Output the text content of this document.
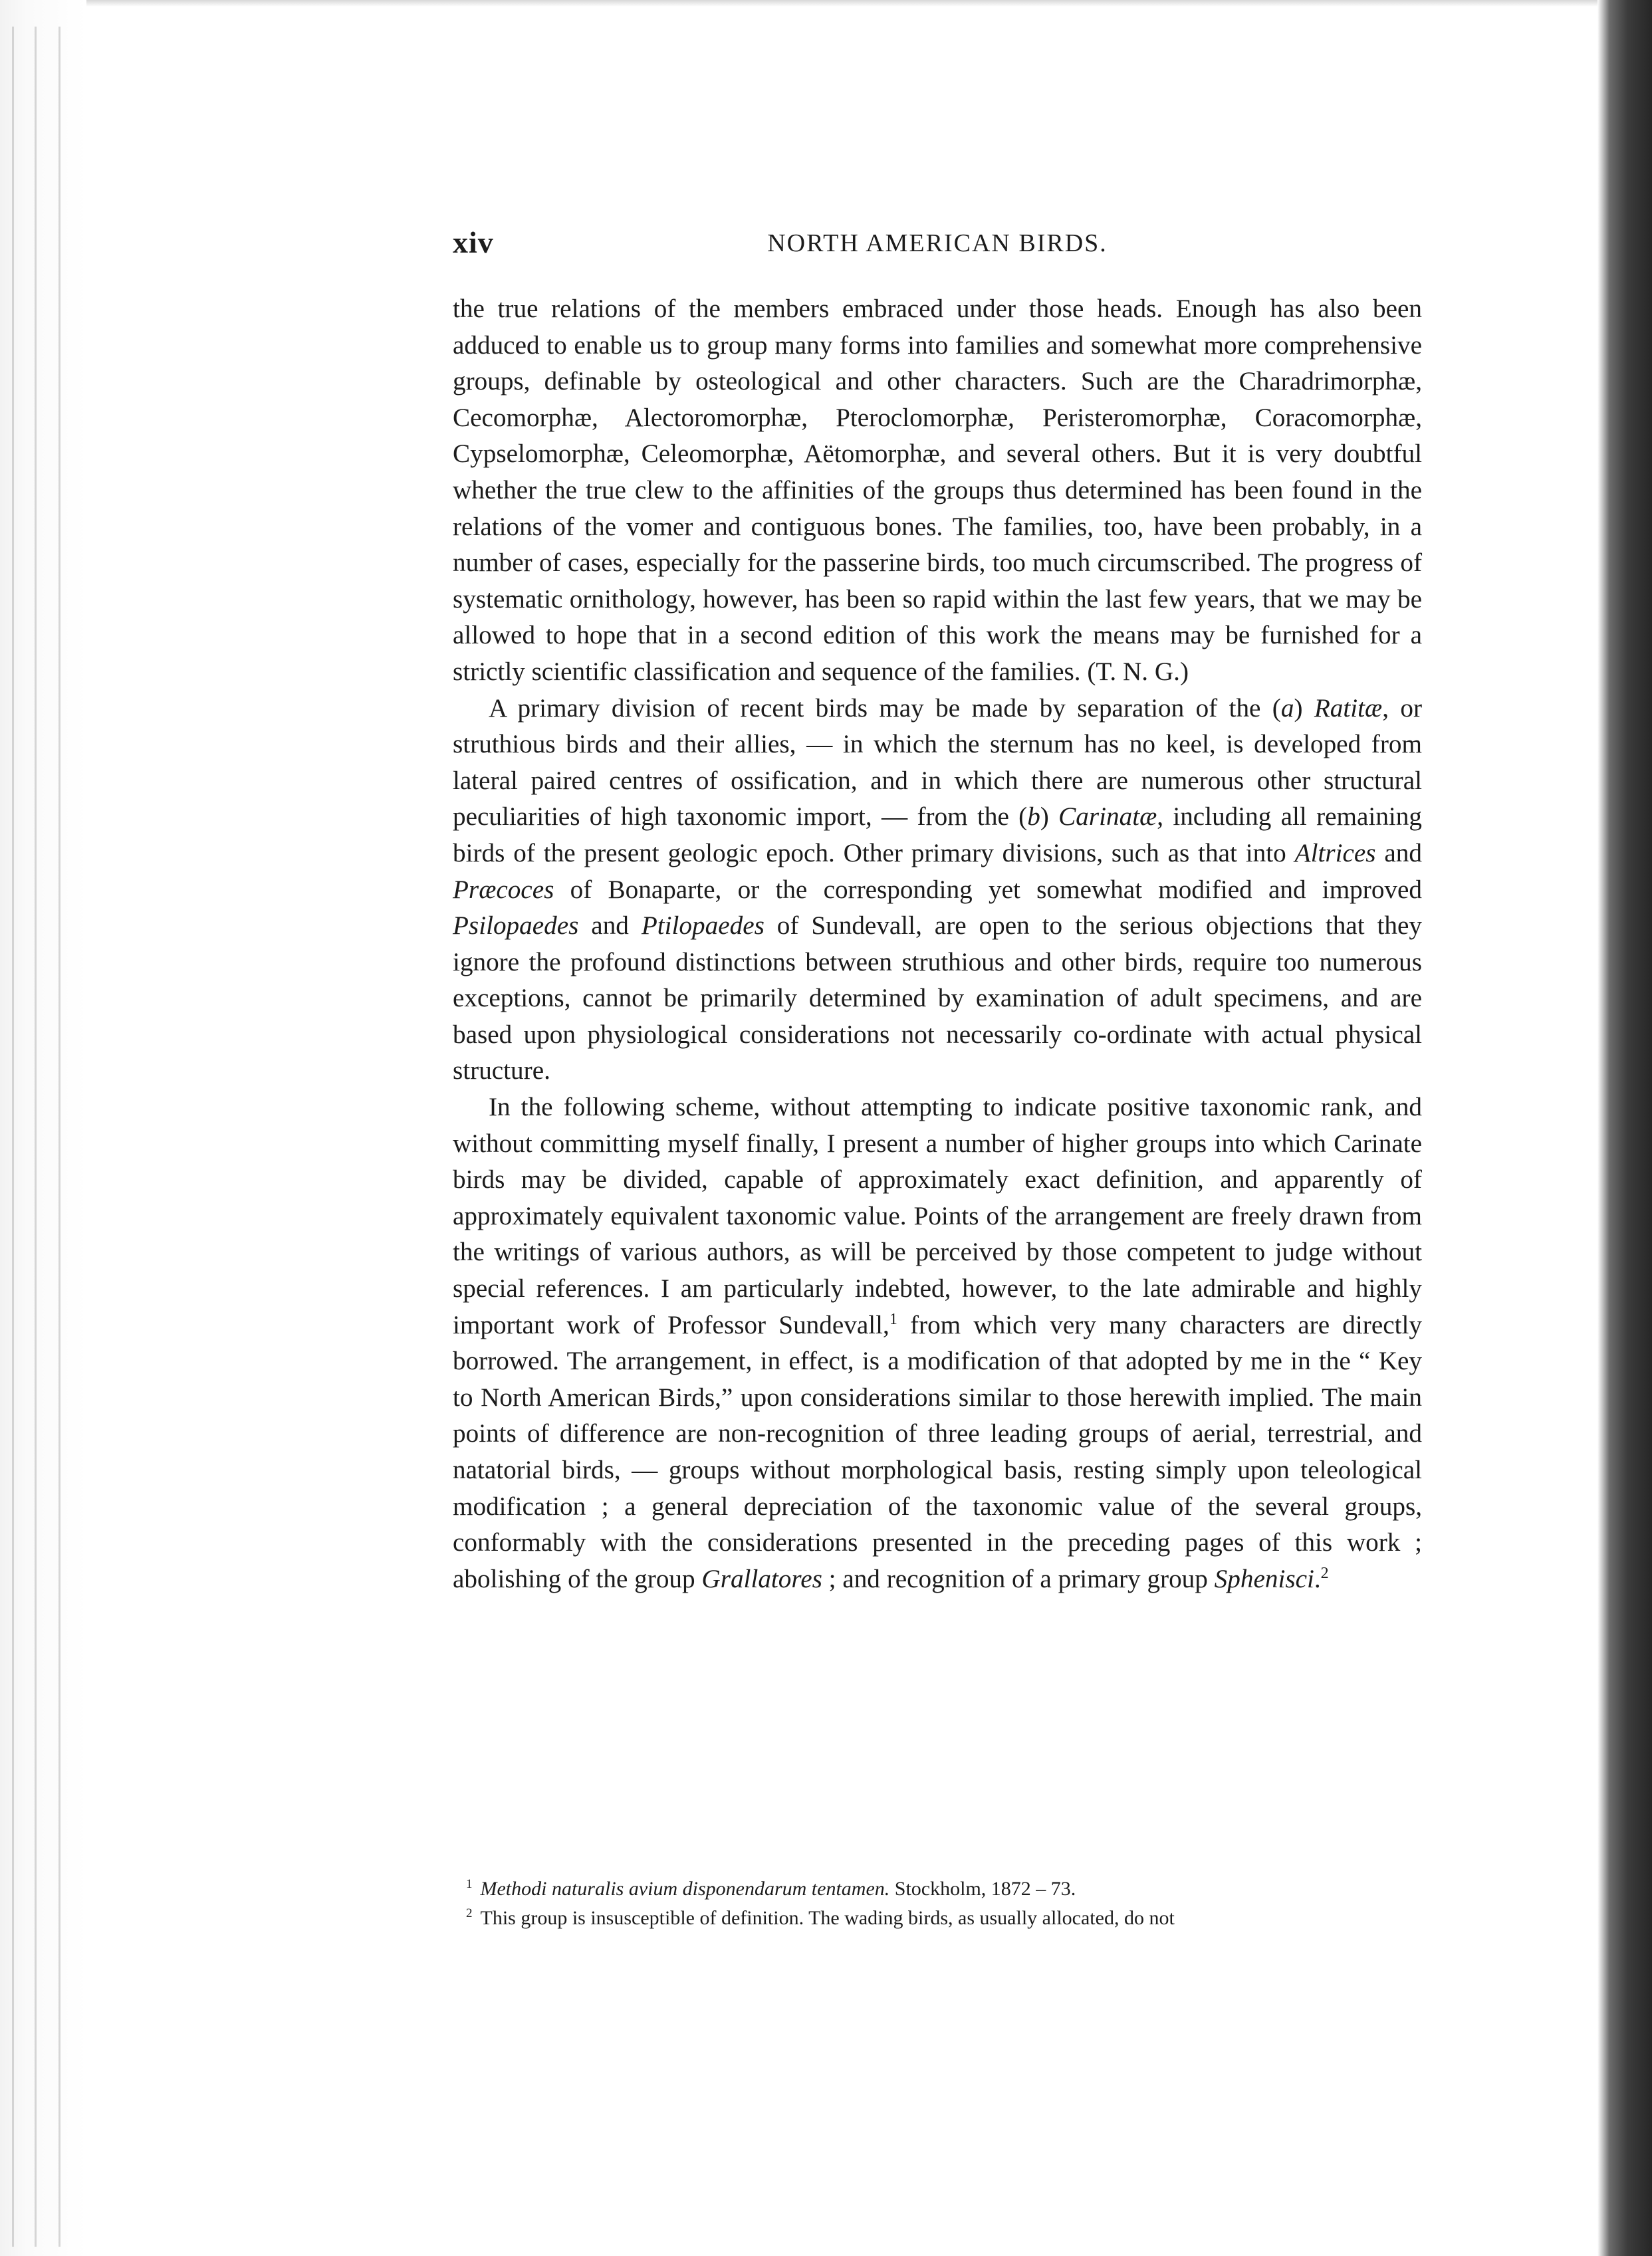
xiv	NORTH AMERICAN BIRDS.

the true relations of the members embraced under those heads. Enough has also been adduced to enable us to group many forms into families and somewhat more comprehensive groups, definable by osteological and other characters. Such are the Charadrimorphæ, Cecomorphæ, Alectoromorphæ, Pteroclomorphæ, Peristeromorphæ, Coracomorphæ, Cypselomorphæ, Celeomorphæ, Aëtomorphæ, and several others. But it is very doubtful whether the true clew to the affinities of the groups thus determined has been found in the relations of the vomer and contiguous bones. The families, too, have been probably, in a number of cases, especially for the passerine birds, too much circumscribed. The progress of systematic ornithology, however, has been so rapid within the last few years, that we may be allowed to hope that in a second edition of this work the means may be furnished for a strictly scientific classification and sequence of the families. (T. N. G.)

A primary division of recent birds may be made by separation of the (a) Ratitæ, or struthious birds and their allies, — in which the sternum has no keel, is developed from lateral paired centres of ossification, and in which there are numerous other structural peculiarities of high taxonomic import, — from the (b) Carinatæ, including all remaining birds of the present geologic epoch. Other primary divisions, such as that into Altrices and Præcoces of Bonaparte, or the corresponding yet somewhat modified and improved Psilopaedes and Ptilopaedes of Sundevall, are open to the serious objections that they ignore the profound distinctions between struthious and other birds, require too numerous exceptions, cannot be primarily determined by examination of adult specimens, and are based upon physiological considerations not necessarily co-ordinate with actual physical structure.

In the following scheme, without attempting to indicate positive taxonomic rank, and without committing myself finally, I present a number of higher groups into which Carinate birds may be divided, capable of approximately exact definition, and apparently of approximately equivalent taxonomic value. Points of the arrangement are freely drawn from the writings of various authors, as will be perceived by those competent to judge without special references. I am particularly indebted, however, to the late admirable and highly important work of Professor Sundevall,$^1$ from which very many characters are directly borrowed. The arrangement, in effect, is a modification of that adopted by me in the “ Key to North American Birds,” upon considerations similar to those herewith implied. The main points of difference are non-recognition of three leading groups of aerial, terrestrial, and natatorial birds, — groups without morphological basis, resting simply upon teleological modification ; a general depreciation of the taxonomic value of the several groups, conformably with the considerations presented in the preceding pages of this work ; abolishing of the group Grallatores ; and recognition of a primary group Sphenisci.$^2$

$^1$ Methodi naturalis avium disponendarum tentamen. Stockholm, 1872 – 73.

$^2$ This group is insusceptible of definition. The wading birds, as usually allocated, do not
